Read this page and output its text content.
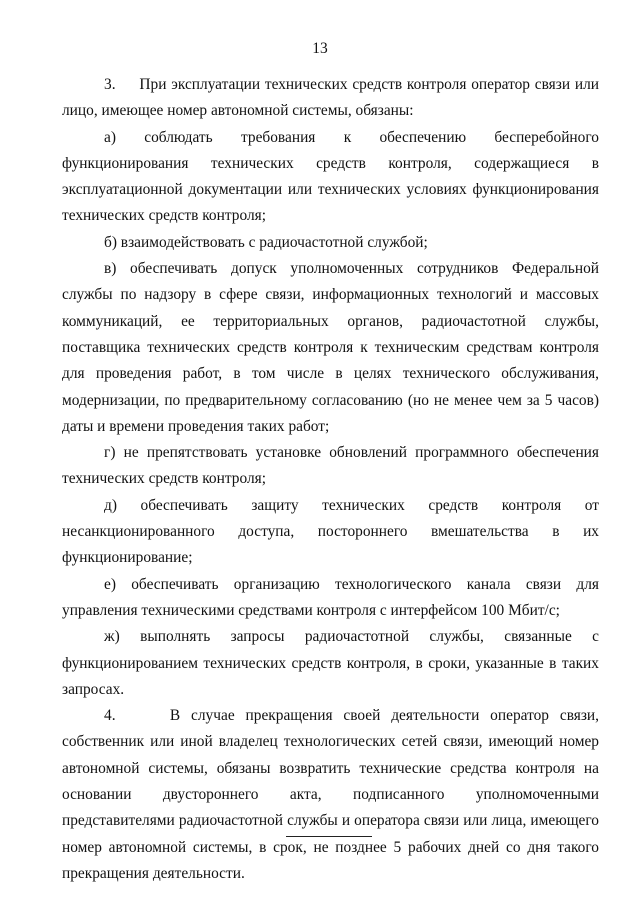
13

3.     При эксплуатации технических средств контроля оператор связи или лицо, имеющее номер автономной системы, обязаны:

а) соблюдать требования к обеспечению бесперебойного функционирования технических средств контроля, содержащиеся в эксплуатационной документации или технических условиях функционирования технических средств контроля;

б) взаимодействовать с радиочастотной службой;

в) обеспечивать допуск уполномоченных сотрудников Федеральной службы по надзору в сфере связи, информационных технологий и массовых коммуникаций, ее территориальных органов, радиочастотной службы, поставщика технических средств контроля к техническим средствам контроля для проведения работ, в том числе в целях технического обслуживания, модернизации, по предварительному согласованию (но не менее чем за 5 часов) даты и времени проведения таких работ;

г) не препятствовать установке обновлений программного обеспечения технических средств контроля;

д) обеспечивать защиту технических средств контроля от несанкционированного доступа, постороннего вмешательства в их функционирование;

е) обеспечивать организацию технологического канала связи для управления техническими средствами контроля с интерфейсом 100 Мбит/с;

ж) выполнять запросы радиочастотной службы, связанные с функционированием технических средств контроля, в сроки, указанные в таких запросах.

4.     В случае прекращения своей деятельности оператор связи, собственник или иной владелец технологических сетей связи, имеющий номер автономной системы, обязаны возвратить технические средства контроля на основании двустороннего акта, подписанного уполномоченными представителями радиочастотной службы и оператора связи или лица, имеющего номер автономной системы, в срок, не позднее 5 рабочих дней со дня такого прекращения деятельности.
